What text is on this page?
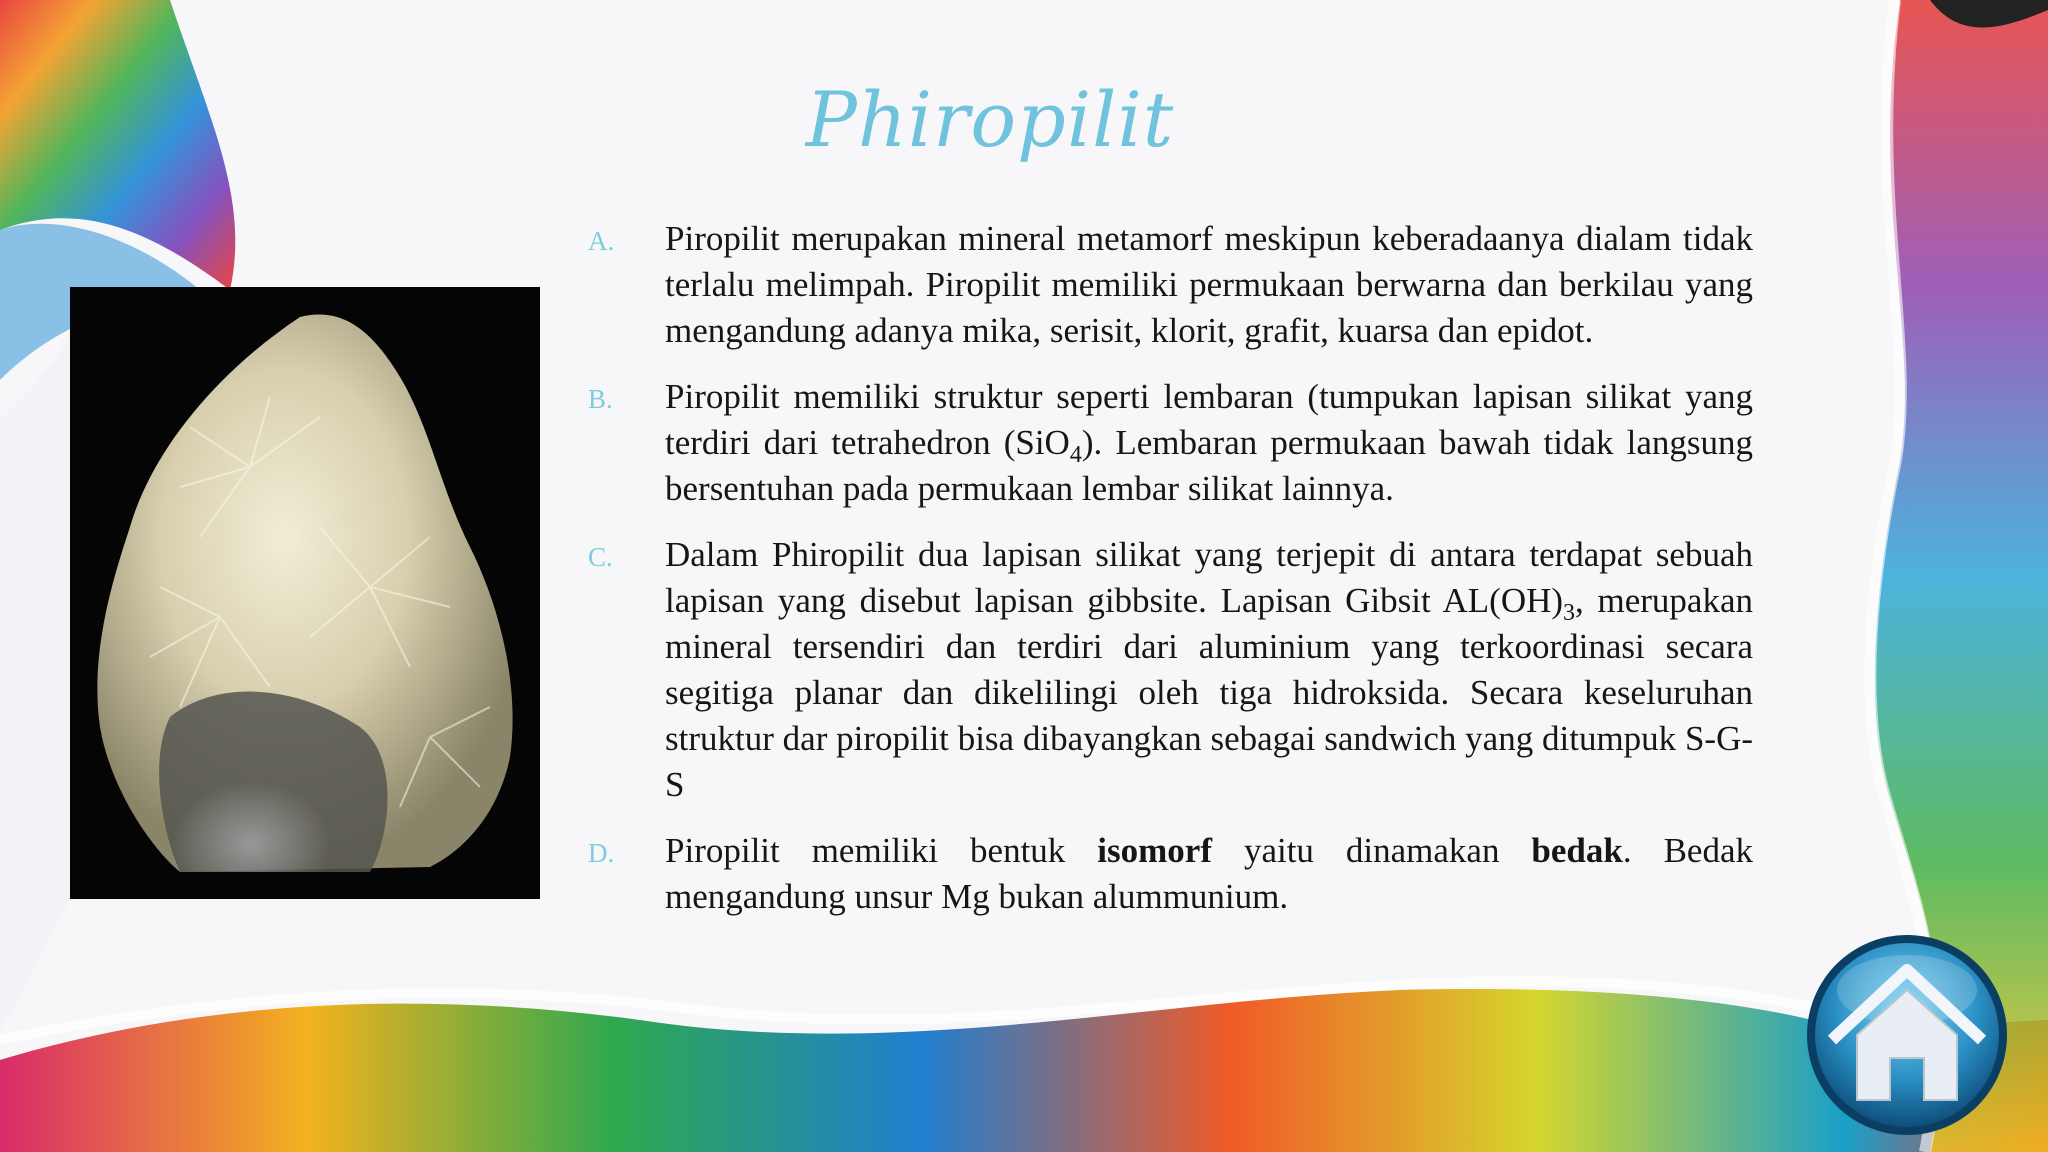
Phiropilit
A.	Piropilit merupakan mineral metamorf meskipun keberadaanya dialam tidak terlalu melimpah. Piropilit memiliki permukaan berwarna dan berkilau yang mengandung adanya mika, serisit, klorit, grafit, kuarsa dan epidot.
B.	Piropilit memiliki struktur seperti lembaran (tumpukan lapisan silikat yang terdiri dari tetrahedron (SiO$_4$). Lembaran permukaan bawah tidak langsung bersentuhan pada permukaan lembar silikat lainnya.
C.	Dalam Phiropilit dua lapisan silikat yang terjepit di antara terdapat sebuah lapisan yang disebut lapisan gibbsite. Lapisan Gibsit $AL(OH)_3$, merupakan mineral tersendiri dan terdiri dari aluminium yang terkoordinasi secara segitiga planar dan dikelilingi oleh tiga hidroksida. Secara keseluruhan struktur dar piropilit bisa dibayangkan sebagai sandwich yang ditumpuk S-G-S
D.	Piropilit memiliki bentuk isomorf yaitu dinamakan bedak. Bedak mengandung unsur Mg bukan alummunium.
